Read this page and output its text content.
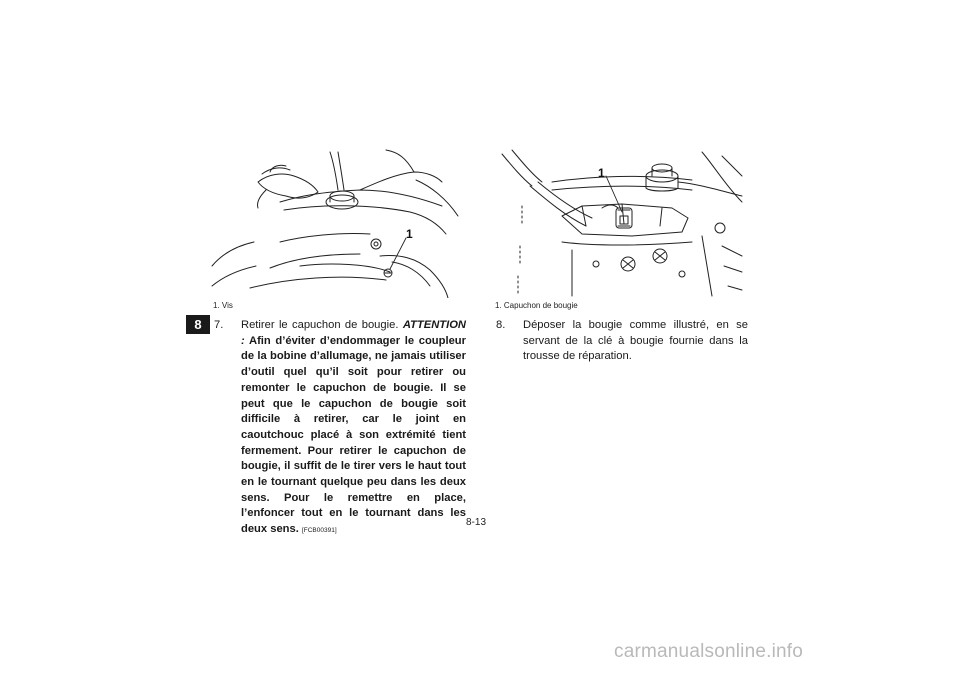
8
1
1. Vis
1
1. Capuchon de bougie
7. Retirer le capuchon de bougie. ATTENTION : Afin d’éviter d’endommager le coupleur de la bobine d’allumage, ne jamais utiliser d’outil quel qu’il soit pour retirer ou remonter le capuchon de bougie. Il se peut que le capuchon de bougie soit difficile à retirer, car le joint en caoutchouc placé à son extrémité tient fermement. Pour retirer le capuchon de bougie, il suffit de le tirer vers le haut tout en le tournant quelque peu dans les deux sens. Pour le remettre en place, l’enfoncer tout en le tournant dans les deux sens. [FCB00391]
8. Déposer la bougie comme illustré, en se servant de la clé à bougie fournie dans la trousse de réparation.
8-13
carmanualsonline.info
